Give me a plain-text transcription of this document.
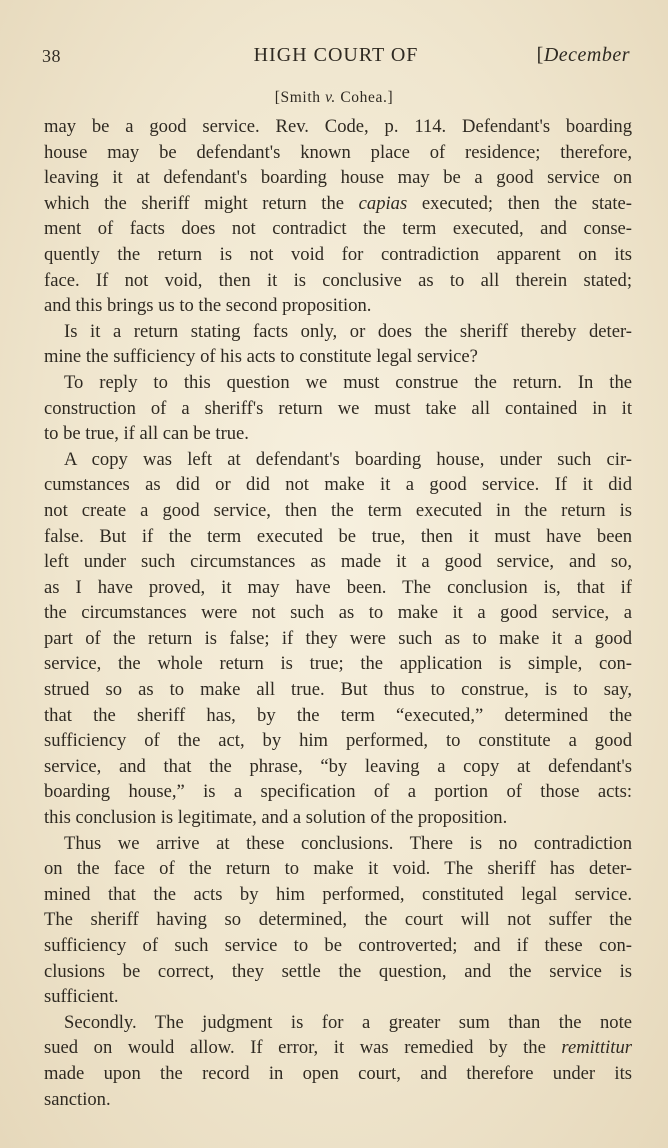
38	HIGH COURT OF	[December
[Smith v. Cohea.]

may be a good service. Rev. Code, p. 114. Defendant's boarding

house may be defendant's known place of residence; therefore,

leaving it at defendant's boarding house may be a good service on

which the sheriff might return the capias executed; then the state-

ment of facts does not contradict the term executed, and conse-

quently the return is not void for contradiction apparent on its

face. If not void, then it is conclusive as to all therein stated;

and this brings us to the second proposition.

Is it a return stating facts only, or does the sheriff thereby deter-

mine the sufficiency of his acts to constitute legal service?

To reply to this question we must construe the return. In the

construction of a sheriff's return we must take all contained in it

to be true, if all can be true.

A copy was left at defendant's boarding house, under such cir-

cumstances as did or did not make it a good service. If it did

not create a good service, then the term executed in the return is

false. But if the term executed be true, then it must have been

left under such circumstances as made it a good service, and so,

as I have proved, it may have been. The conclusion is, that if

the circumstances were not such as to make it a good service, a

part of the return is false; if they were such as to make it a good

service, the whole return is true; the application is simple, con-

strued so as to make all true. But thus to construe, is to say,

that the sheriff has, by the term “executed,” determined the

sufficiency of the act, by him performed, to constitute a good

service, and that the phrase, “by leaving a copy at defendant's

boarding house,” is a specification of a portion of those acts:

this conclusion is legitimate, and a solution of the proposition.

Thus we arrive at these conclusions. There is no contradiction

on the face of the return to make it void. The sheriff has deter-

mined that the acts by him performed, constituted legal service.

The sheriff having so determined, the court will not suffer the

sufficiency of such service to be controverted; and if these con-

clusions be correct, they settle the question, and the service is

sufficient.

Secondly. The judgment is for a greater sum than the note

sued on would allow. If error, it was remedied by the remittitur

made upon the record in open court, and therefore under its

sanction.
